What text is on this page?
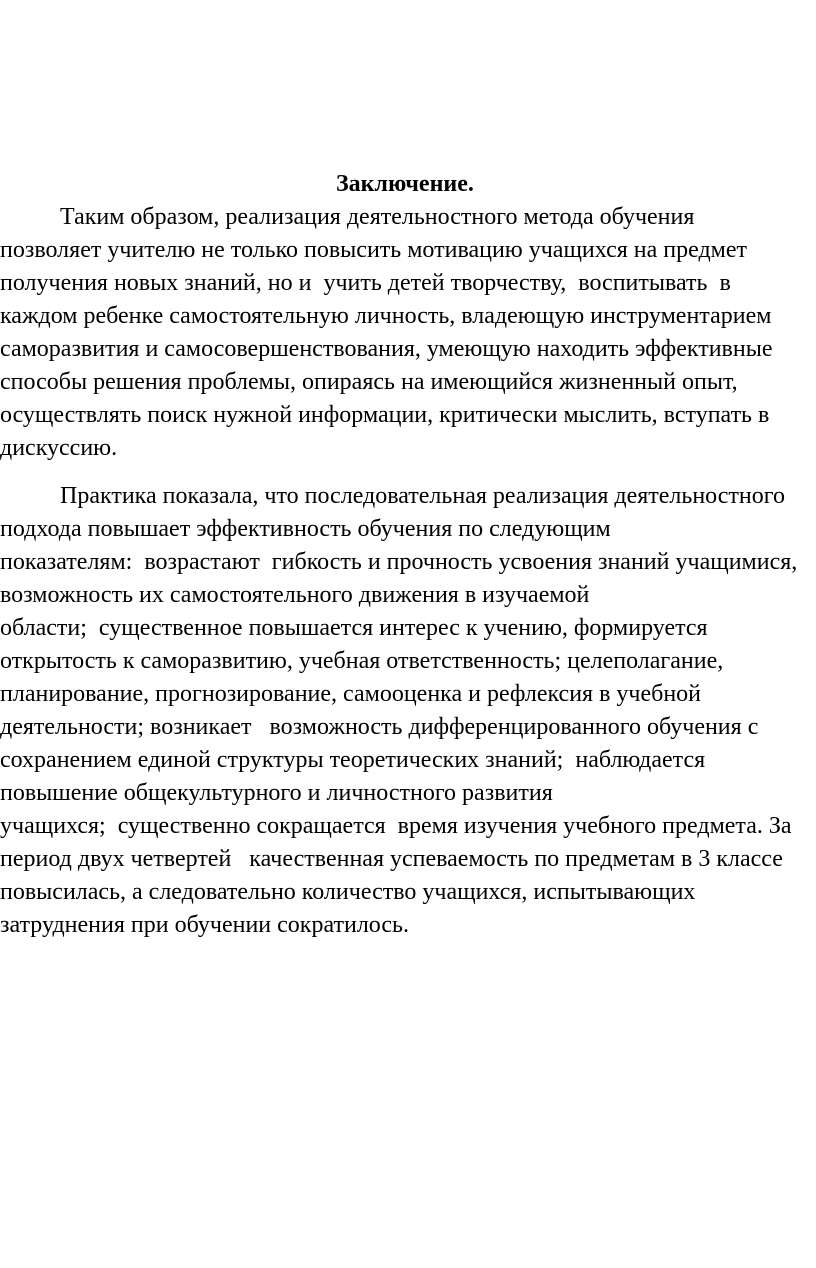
Заключение.
Таким образом, реализация деятельностного метода обучения
позволяет учителю не только повысить мотивацию учащихся на предмет
получения новых знаний, но и  учить детей творчеству,  воспитывать  в
каждом ребенке самостоятельную личность, владеющую инструментарием
саморазвития и самосовершенствования, умеющую находить эффективные
способы решения проблемы, опираясь на имеющийся жизненный опыт,
осуществлять поиск нужной информации, критически мыслить, вступать в
дискуссию.
Практика показала, что последовательная реализация деятельностного
подхода повышает эффективность обучения по следующим
показателям:  возрастают  гибкость и прочность усвоения знаний учащимися,
возможность их самостоятельного движения в изучаемой
области;  существенное повышается интерес к учению, формируется
открытость к саморазвитию, учебная ответственность; целеполагание,
планирование, прогнозирование, самооценка и рефлексия в учебной
деятельности; возникает   возможность дифференцированного обучения с
сохранением единой структуры теоретических знаний;  наблюдается
повышение общекультурного и личностного развития
учащихся;  существенно сокращается  время изучения учебного предмета. За
период двух четвертей   качественная успеваемость по предметам в 3 классе
повысилась, а следовательно количество учащихся, испытывающих
затруднения при обучении сократилось.
